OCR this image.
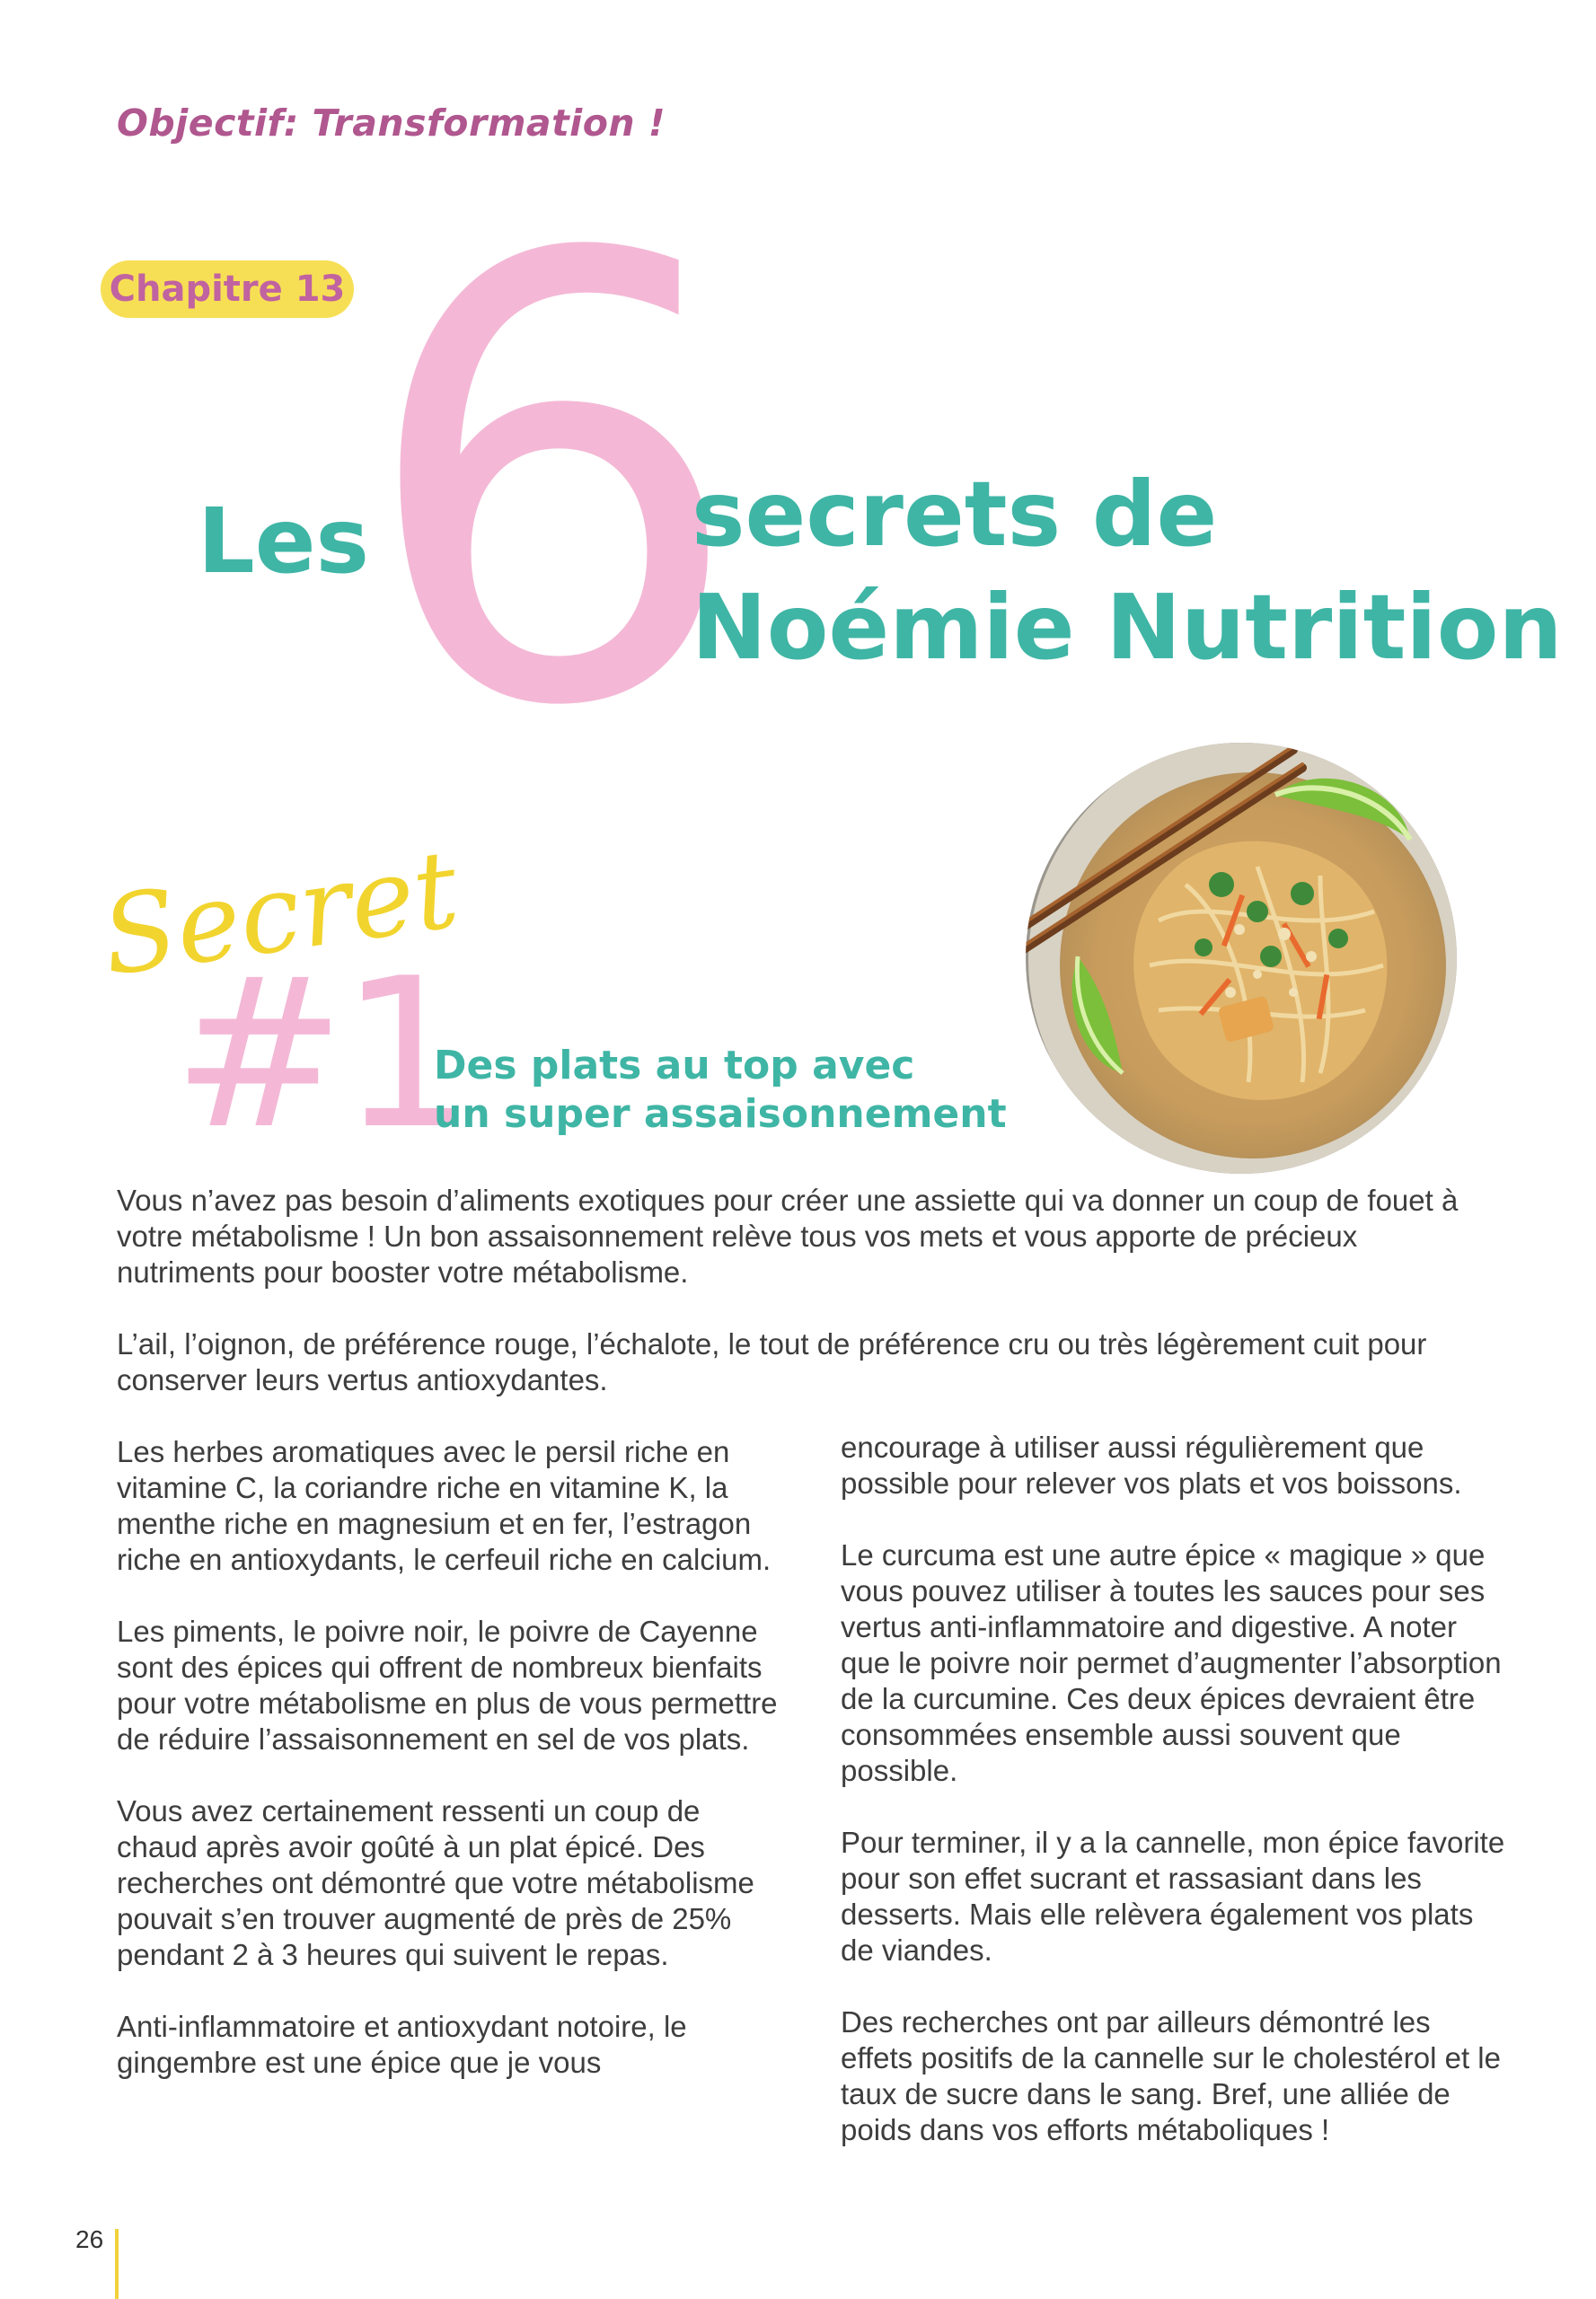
Objectif: Transformation !
Chapitre 13 6
Les	secrets de
Noémie Nutrition
Secret
#1
Des plats au top avec
un super assaisonnement
Vous n’avez pas besoin d’aliments exotiques pour créer une assiette qui va donner un coup de fouet à votre métabolisme ! Un bon assaisonnement relève tous vos mets et vous apporte de précieux nutriments pour booster votre métabolisme.
L’ail, l’oignon, de préférence rouge, l’échalote, le tout de préférence cru ou très légèrement cuit pour conserver leurs vertus antioxydantes.

Les herbes aromatiques avec le persil riche en vitamine C, la coriandre riche en vitamine K, la menthe riche en magnesium et en fer, l’estragon riche en antioxydants, le cerfeuil riche en calcium.

Les piments, le poivre noir, le poivre de Cayenne sont des épices qui offrent de nombreux bienfaits pour votre métabolisme en plus de vous permettre de réduire l’assaisonnement en sel de vos plats.

Vous avez certainement ressenti un coup de chaud après avoir goûté à un plat épicé. Des recherches ont démontré que votre métabolisme pouvait s’en trouver augmenté de près de 25% pendant 2 à 3 heures qui suivent le repas.

Anti-inflammatoire et antioxydant notoire, le gingembre est une épice que je vous

encourage à utiliser aussi régulièrement que possible pour relever vos plats et vos boissons.

Le curcuma est une autre épice « magique » que vous pouvez utiliser à toutes les sauces pour ses vertus anti-inflammatoire and digestive. A noter que le poivre noir permet d’augmenter l’absorption de la curcumine. Ces deux épices devraient être consommées ensemble aussi souvent que possible.

Pour terminer, il y a la cannelle, mon épice favorite pour son effet sucrant et rassasiant dans les desserts. Mais elle relèvera également vos plats de viandes.

Des recherches ont par ailleurs démontré les effets positifs de la cannelle sur le cholestérol et le taux de sucre dans le sang. Bref, une alliée de poids dans vos efforts métaboliques !

26
